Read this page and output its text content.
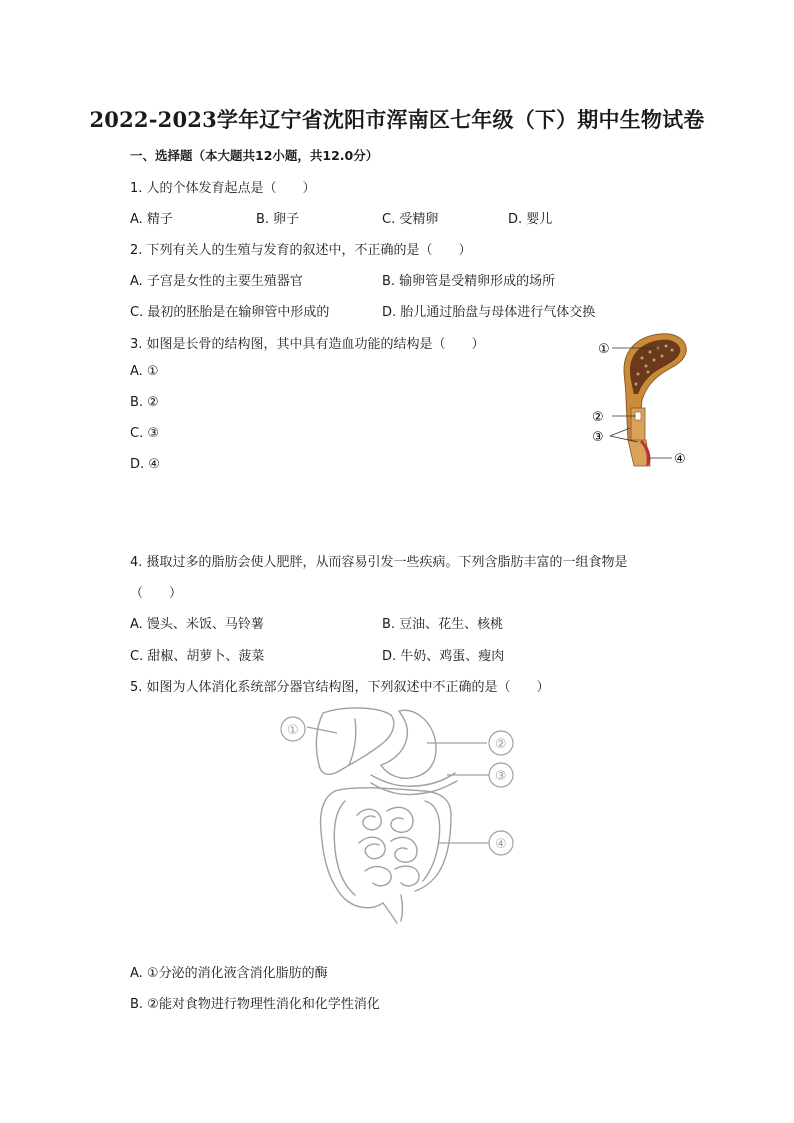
2022-2023学年辽宁省沈阳市浑南区七年级（下）期中生物试卷
一、选择题（本大题共12小题，共12.0分）
1. 人的个体发育起点是（　　）
A. 精子	B. 卵子	C. 受精卵	D. 婴儿
2. 下列有关人的生殖与发育的叙述中，不正确的是（　　）
A. 子宫是女性的主要生殖器官	B. 输卵管是受精卵形成的场所
C. 最初的胚胎是在输卵管中形成的	D. 胎儿通过胎盘与母体进行气体交换
3. 如图是长骨的结构图，其中具有造血功能的结构是（　　）
A. ①
B. ②
C. ③
D. ④
①
②
③
④
4. 摄取过多的脂肪会使人肥胖，从而容易引发一些疾病。下列含脂肪丰富的一组食物是
（　　）
A. 馒头、米饭、马铃薯	B. 豆油、花生、核桃
C. 甜椒、胡萝卜、菠菜	D. 牛奶、鸡蛋、瘦肉
5. 如图为人体消化系统部分器官结构图，下列叙述中不正确的是（　　）
①
②
③
④
A. ①分泌的消化液含消化脂肪的酶
B. ②能对食物进行物理性消化和化学性消化
